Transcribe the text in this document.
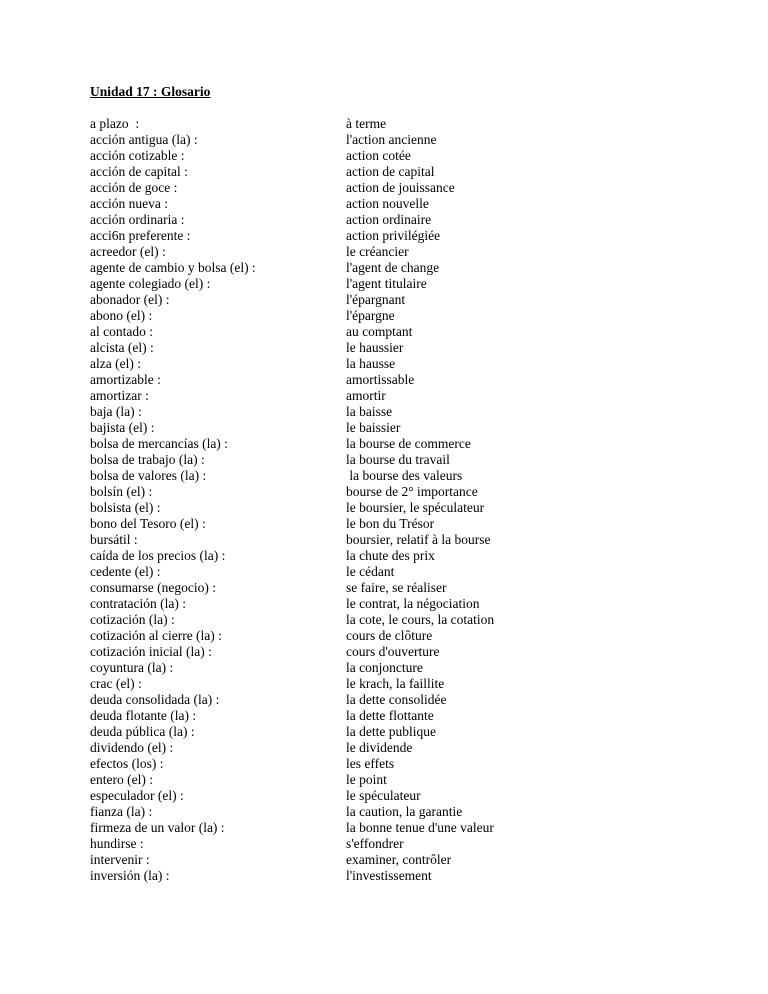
Unidad 17 : Glosario
a plazo  :
acción antigua (la) :
acción cotizable :
acción de capital :
acción de goce :
acción nueva :
acción ordinaria :
acci6n preferente :
acreedor (el) :
agente de cambio y bolsa (el) :
agente colegiado (el) :
abonador (el) :
abono (el) :
al contado :
alcista (el) :
alza (el) :
amortizable :
amortizar :
baja (la) :
bajista (el) :
bolsa de mercancías (la) :
bolsa de trabajo (la) :
bolsa de valores (la) :
bolsín (el) :
bolsista (el) :
bono del Tesoro (el) :
bursátil :
caída de los precios (la) :
cedente (el) :
consumarse (negocio) :
contratación (la) :
cotización (la) :
cotización al cierre (la) :
cotización inicial (la) :
coyuntura (la) :
crac (el) :
deuda consolidada (la) :
deuda flotante (la) :
deuda pública (la) :
dividendo (el) :
efectos (los) :
entero (el) :
especulador (el) :
fianza (la) :
firmeza de un valor (la) :
hundirse :
intervenir :
inversión (la) :
à terme
l'action ancienne
action cotée
action de capital
action de jouissance
action nouvelle
action ordinaire
action privilégiée
le créancier
l'agent de change
l'agent titulaire
l'épargnant
l'épargne
au comptant
le haussier
la hausse
amortissable
amortir
la baisse
le baissier
la bourse de commerce
la bourse du travail
la bourse des valeurs
bourse de 2° importance
le boursier, le spéculateur
le bon du Trésor
boursier, relatif à la bourse
la chute des prix
le cédant
se faire, se réaliser
le contrat, la négociation
la cote, le cours, la cotation
cours de clôture
cours d'ouverture
la conjoncture
le krach, la faillite
la dette consolidée
la dette flottante
la dette publique
le dividende
les effets
le point
le spéculateur
la caution, la garantie
la bonne tenue d'une valeur
s'effondrer
examiner, contrôler
l'investissement
